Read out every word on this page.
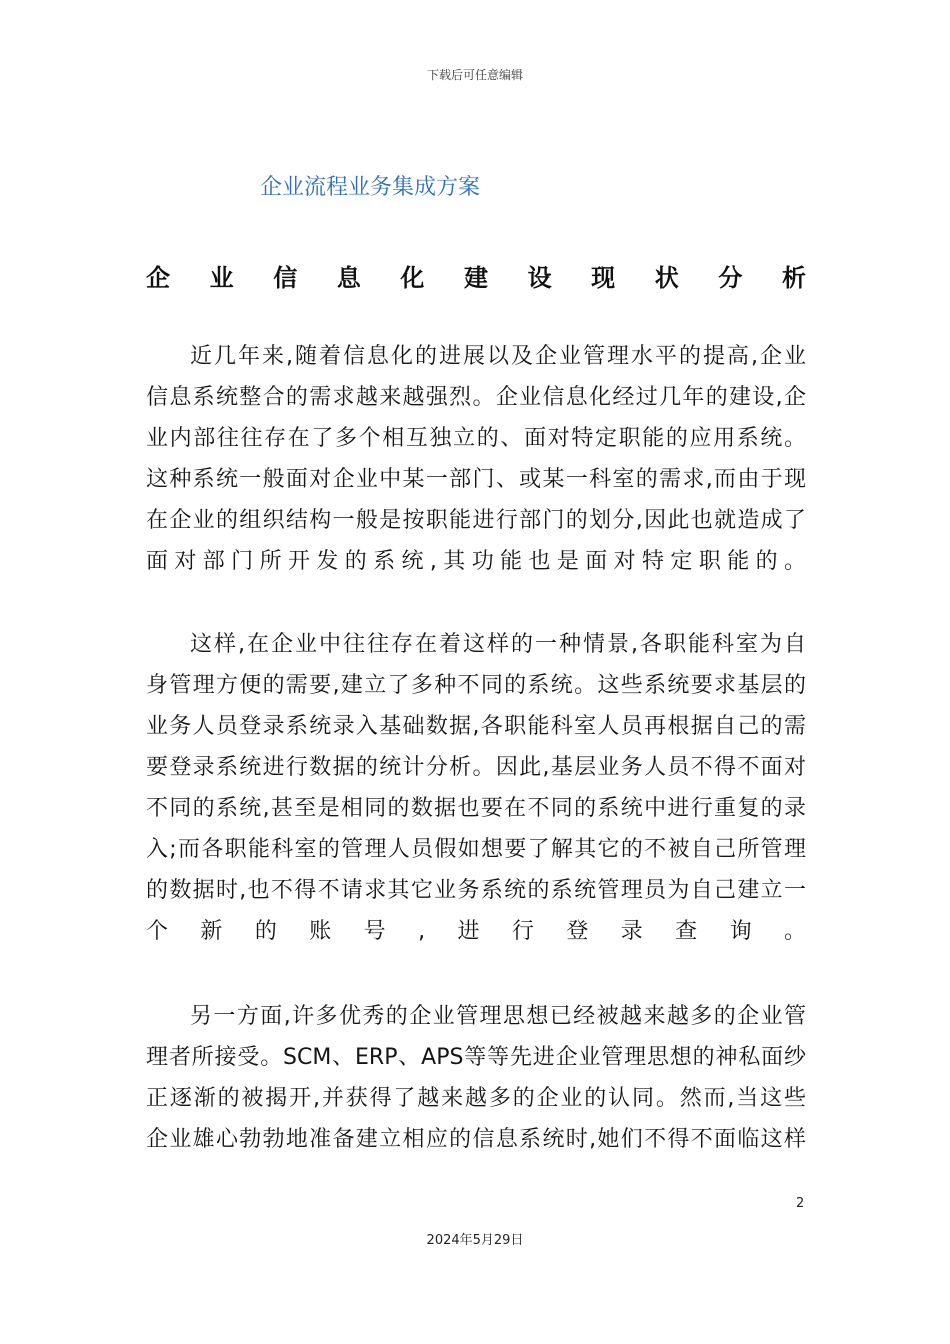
下载后可任意编辑
企业流程业务集成方案
企 业 信 息 化 建 设 现 状 分 析
近几年来,随着信息化的进展以及企业管理水平的提高,企业
信息系统整合的需求越来越强烈。企业信息化经过几年的建设,企
业内部往往存在了多个相互独立的、面对特定职能的应用系统。
这种系统一般面对企业中某一部门、或某一科室的需求,而由于现
在企业的组织结构一般是按职能进行部门的划分,因此也就造成了
面对部门所开发的系统,其功能也是面对特定职能的。
这样,在企业中往往存在着这样的一种情景,各职能科室为自
身管理方便的需要,建立了多种不同的系统。这些系统要求基层的
业务人员登录系统录入基础数据,各职能科室人员再根据自己的需
要登录系统进行数据的统计分析。因此,基层业务人员不得不面对
不同的系统,甚至是相同的数据也要在不同的系统中进行重复的录
入;而各职能科室的管理人员假如想要了解其它的不被自己所管理
的数据时,也不得不请求其它业务系统的系统管理员为自己建立一
个新的账号,进行登录查询。
另一方面,许多优秀的企业管理思想已经被越来越多的企业管
理者所接受。SCM、ERP、APS等等先进企业管理思想的神私面纱
正逐渐的被揭开,并获得了越来越多的企业的认同。然而,当这些
企业雄心勃勃地准备建立相应的信息系统时,她们不得不面临这样
2
2024年5月29日
